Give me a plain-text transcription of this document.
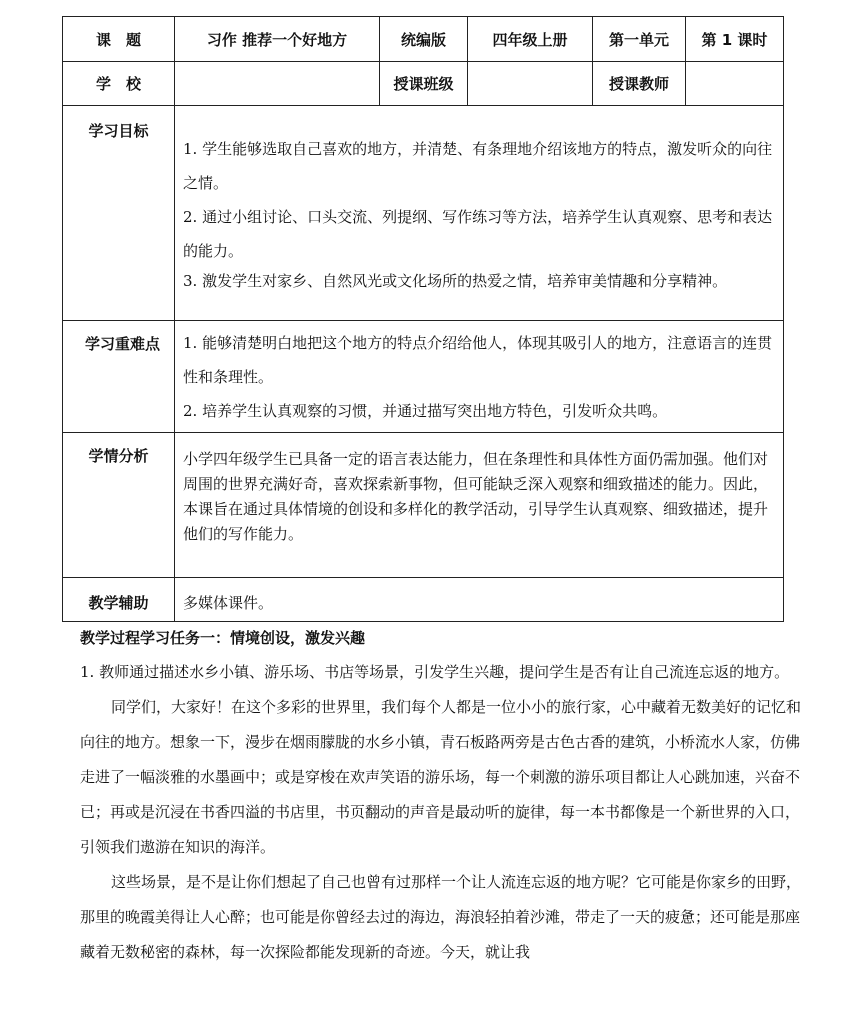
课　题	习作 推荐一个好地方	统编版	四年级上册	第一单元	第 1 课时
学　校		授课班级		授课教师	
学习目标	1. 学生能够选取自己喜欢的地方，并清楚、有条理地介绍该地方的特点，激发听众的向往之情。

2. 通过小组讨论、口头交流、列提纲、写作练习等方法，培养学生认真观察、思考和表达的能力。

3. 激发学生对家乡、自然风光或文化场所的热爱之情，培养审美情趣和分享精神。				

学习重难点	1. 能够清楚明白地把这个地方的特点介绍给他人，体现其吸引人的地方，注意语言的连贯性和条理性。

2. 培养学生认真观察的习惯，并通过描写突出地方特色，引发听众共鸣。				

学情分析	小学四年级学生已具备一定的语言表达能力，但在条理性和具体性方面仍需加强。他们对周围的世界充满好奇，喜欢探索新事物，但可能缺乏深入观察和细致描述的能力。因此，本课旨在通过具体情境的创设和多样化的教学活动，引导学生认真观察、细致描述，提升他们的写作能力。				

教学辅助	多媒体课件。				
教学过程学习任务一：情境创设，激发兴趣

1. 教师通过描述水乡小镇、游乐场、书店等场景，引发学生兴趣，提问学生是否有让自己流连忘返的地方。

同学们，大家好！在这个多彩的世界里，我们每个人都是一位小小的旅行家，心中藏着无数美好的记忆和向往的地方。想象一下，漫步在烟雨朦胧的水乡小镇，青石板路两旁是古色古香的建筑，小桥流水人家，仿佛走进了一幅淡雅的水墨画中；或是穿梭在欢声笑语的游乐场，每一个刺激的游乐项目都让人心跳加速，兴奋不已；再或是沉浸在书香四溢的书店里，书页翻动的声音是最动听的旋律，每一本书都像是一个新世界的入口，引领我们遨游在知识的海洋。

这些场景，是不是让你们想起了自己也曾有过那样一个让人流连忘返的地方呢？它可能是你家乡的田野，那里的晚霞美得让人心醉；也可能是你曾经去过的海边，海浪轻拍着沙滩，带走了一天的疲惫；还可能是那座藏着无数秘密的森林，每一次探险都能发现新的奇迹。今天，就让我
